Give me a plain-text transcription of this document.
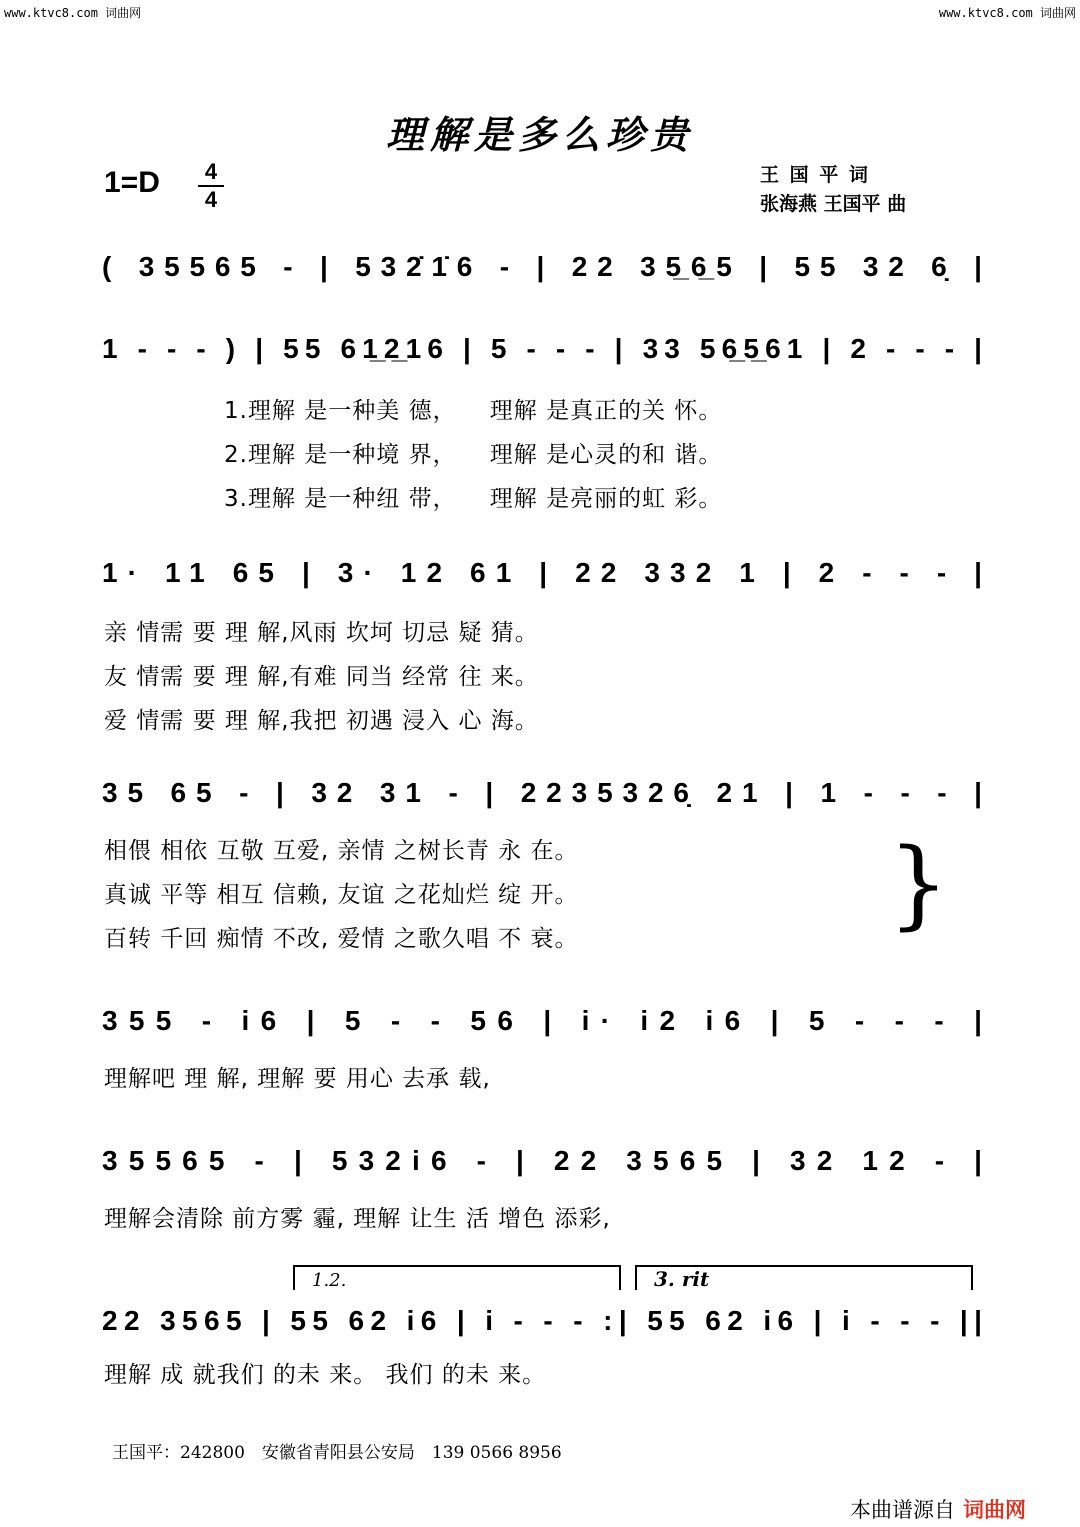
www.ktvc8.com 词曲网	www.ktvc8.com 词曲网
理解是多么珍贵
1=D	4
4
王 国 平 词
张海燕 王国平 曲
( 35565 - | 532̇1̇6 - | 22 35̲6̲5 | 55 32 6̣ |
1 - - - ) | 55 61̲2̲16 | 5 - - - | 33 56̲5̲61 | 2 - - - |
1.理解 是一种美 德，    理解 是真正的关 怀。
2.理解 是一种境 界，    理解 是心灵的和 谐。
3.理解 是一种纽 带，    理解 是亮丽的虹 彩。
1· 11 65 | 3· 12 61 | 22 332 1 | 2 - - - |
亲 情需 要 理 解,风雨 坎坷 切忌 疑 猜。
友 情需 要 理 解,有难 同当 经常 往 来。
爱 情需 要 理 解,我把 初遇 浸入 心 海。
35 65 - | 32 31 - | 2235326̣ 21 | 1 - - - |
相偎 相依 互敬 互爱, 亲情 之树长青 永 在。
真诚 平等 相互 信赖, 友谊 之花灿烂 绽 开。
百转 千回 痴情 不改, 爱情 之歌久唱 不 衰。	}
355 - i6 | 5 - - 56 | i· i2 i6 | 5 - - - |
理解吧 理 解, 理解 要 用心 去承 载,
35565 - | 532i6 - | 22 3565 | 32 12 - |
理解会清除 前方雾 霾, 理解 让生 活 增色 添彩,
1.2.	3. rit
22 3565 | 55 62 i6 | i - - - :| 55 62 i6 | i - - - ||
理解 成 就我们 的未 来。 我们 的未 来。
王国平：242800　安徽省青阳县公安局　139 0566 8956
本曲谱源自 词曲网
